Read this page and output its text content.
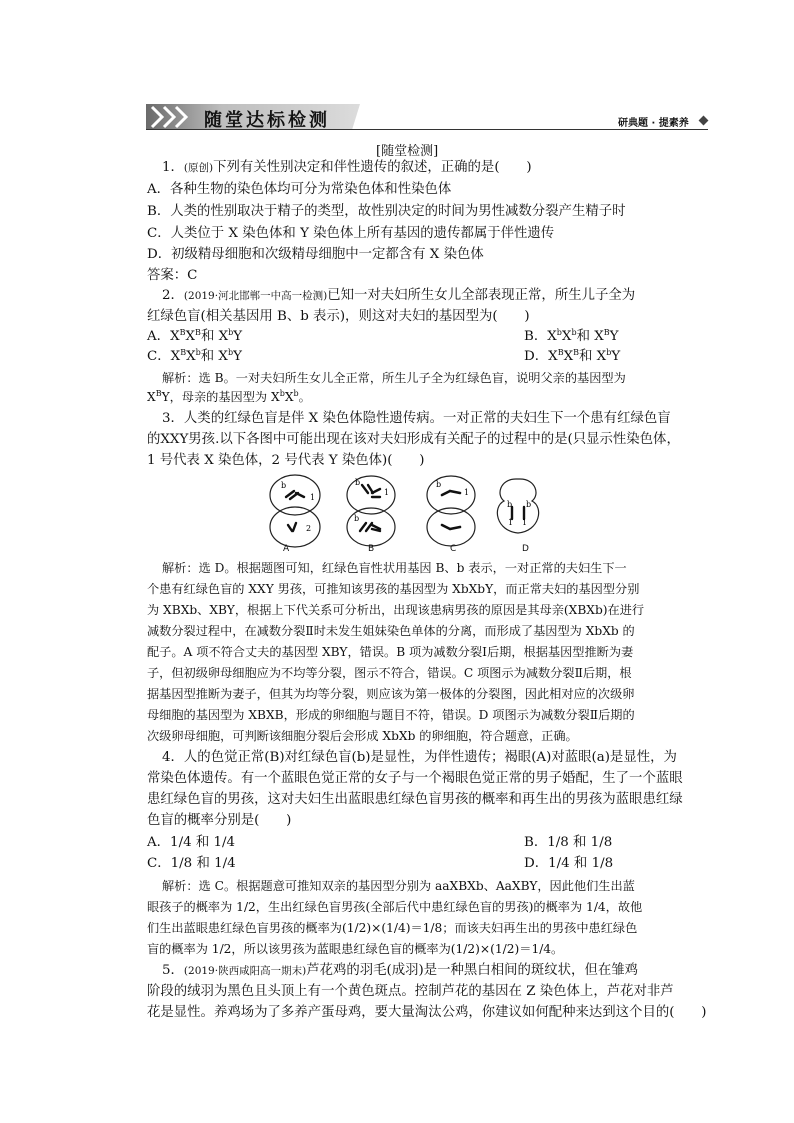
随堂达标检测	研典题 · 提素养
[随堂检测]
1．(原创)下列有关性别决定和伴性遗传的叙述，正确的是(　　)
A．各种生物的染色体均可分为常染色体和性染色体
B．人类的性别取决于精子的类型，故性别决定的时间为男性减数分裂产生精子时
C．人类位于 X 染色体和 Y 染色体上所有基因的遗传都属于伴性遗传
D．初级精母细胞和次级精母细胞中一定都含有 X 染色体
答案：C
2．(2019·河北邯郸一中高一检测)已知一对夫妇所生女儿全部表现正常，所生儿子全为
红绿色盲(相关基因用 B、b 表示)，则这对夫妇的基因型为(　　)
A．$X^BX^B$和 $X^bY$	B．$X^bX^b$和 $X^BY$
C．$X^BX^b$和 $X^bY$	D．$X^BX^B$和 $X^bY$
解析：选 B。一对夫妇所生女儿全正常，所生儿子全为红绿色盲，说明父亲的基因型为
$X^BY$，母亲的基因型为 $X^bX^b$。
3．人类的红绿色盲是伴 X 染色体隐性遗传病。一对正常的夫妇生下一个患有红绿色盲
的XXY男孩.以下各图中可能出现在该对夫妇形成有关配子的过程中的是(只显示性染色体，
1 号代表 X 染色体，2 号代表 Y 染色体)(　　)
b
1
2
b
1
b
b
1
b b
1 1
A	B	C	D
解析：选 D。根据题图可知，红绿色盲性状用基因 B、b 表示，一对正常的夫妇生下一
个患有红绿色盲的 XXY 男孩，可推知该男孩的基因型为 XbXbY，而正常夫妇的基因型分别
为 XBXb、XBY，根据上下代关系可分析出，出现该患病男孩的原因是其母亲(XBXb)在进行
减数分裂过程中，在减数分裂Ⅱ时未发生姐妹染色单体的分离，而形成了基因型为 XbXb 的
配子。A 项不符合丈夫的基因型 XBY，错误。B 项为减数分裂Ⅰ后期，根据基因型推断为妻
子，但初级卵母细胞应为不均等分裂，图示不符合，错误。C 项图示为减数分裂Ⅱ后期，根
据基因型推断为妻子，但其为均等分裂，则应该为第一极体的分裂图，因此相对应的次级卵
母细胞的基因型为 XBXB，形成的卵细胞与题目不符，错误。D 项图示为减数分裂Ⅱ后期的
次级卵母细胞，可判断该细胞分裂后会形成 XbXb 的卵细胞，符合题意，正确。
4．人的色觉正常(B)对红绿色盲(b)是显性，为伴性遗传；褐眼(A)对蓝眼(a)是显性，为
常染色体遗传。有一个蓝眼色觉正常的女子与一个褐眼色觉正常的男子婚配，生了一个蓝眼
患红绿色盲的男孩，这对夫妇生出蓝眼患红绿色盲男孩的概率和再生出的男孩为蓝眼患红绿
色盲的概率分别是(　　)
A．1/4 和 1/4	B．1/8 和 1/8
C．1/8 和 1/4	D．1/4 和 1/8
解析：选 C。根据题意可推知双亲的基因型分别为 aaXBXb、AaXBY，因此他们生出蓝
眼孩子的概率为 1/2，生出红绿色盲男孩(全部后代中患红绿色盲的男孩)的概率为 1/4，故他
们生出蓝眼患红绿色盲男孩的概率为(1/2)×(1/4)＝1/8；而该夫妇再生出的男孩中患红绿色
盲的概率为 1/2，所以该男孩为蓝眼患红绿色盲的概率为(1/2)×(1/2)＝1/4。
5．(2019·陕西咸阳高一期末)芦花鸡的羽毛(成羽)是一种黑白相间的斑纹状，但在雏鸡
阶段的绒羽为黑色且头顶上有一个黄色斑点。控制芦花的基因在 Z 染色体上，芦花对非芦
花是显性。养鸡场为了多养产蛋母鸡，要大量淘汰公鸡，你建议如何配种来达到这个目的(　　)
